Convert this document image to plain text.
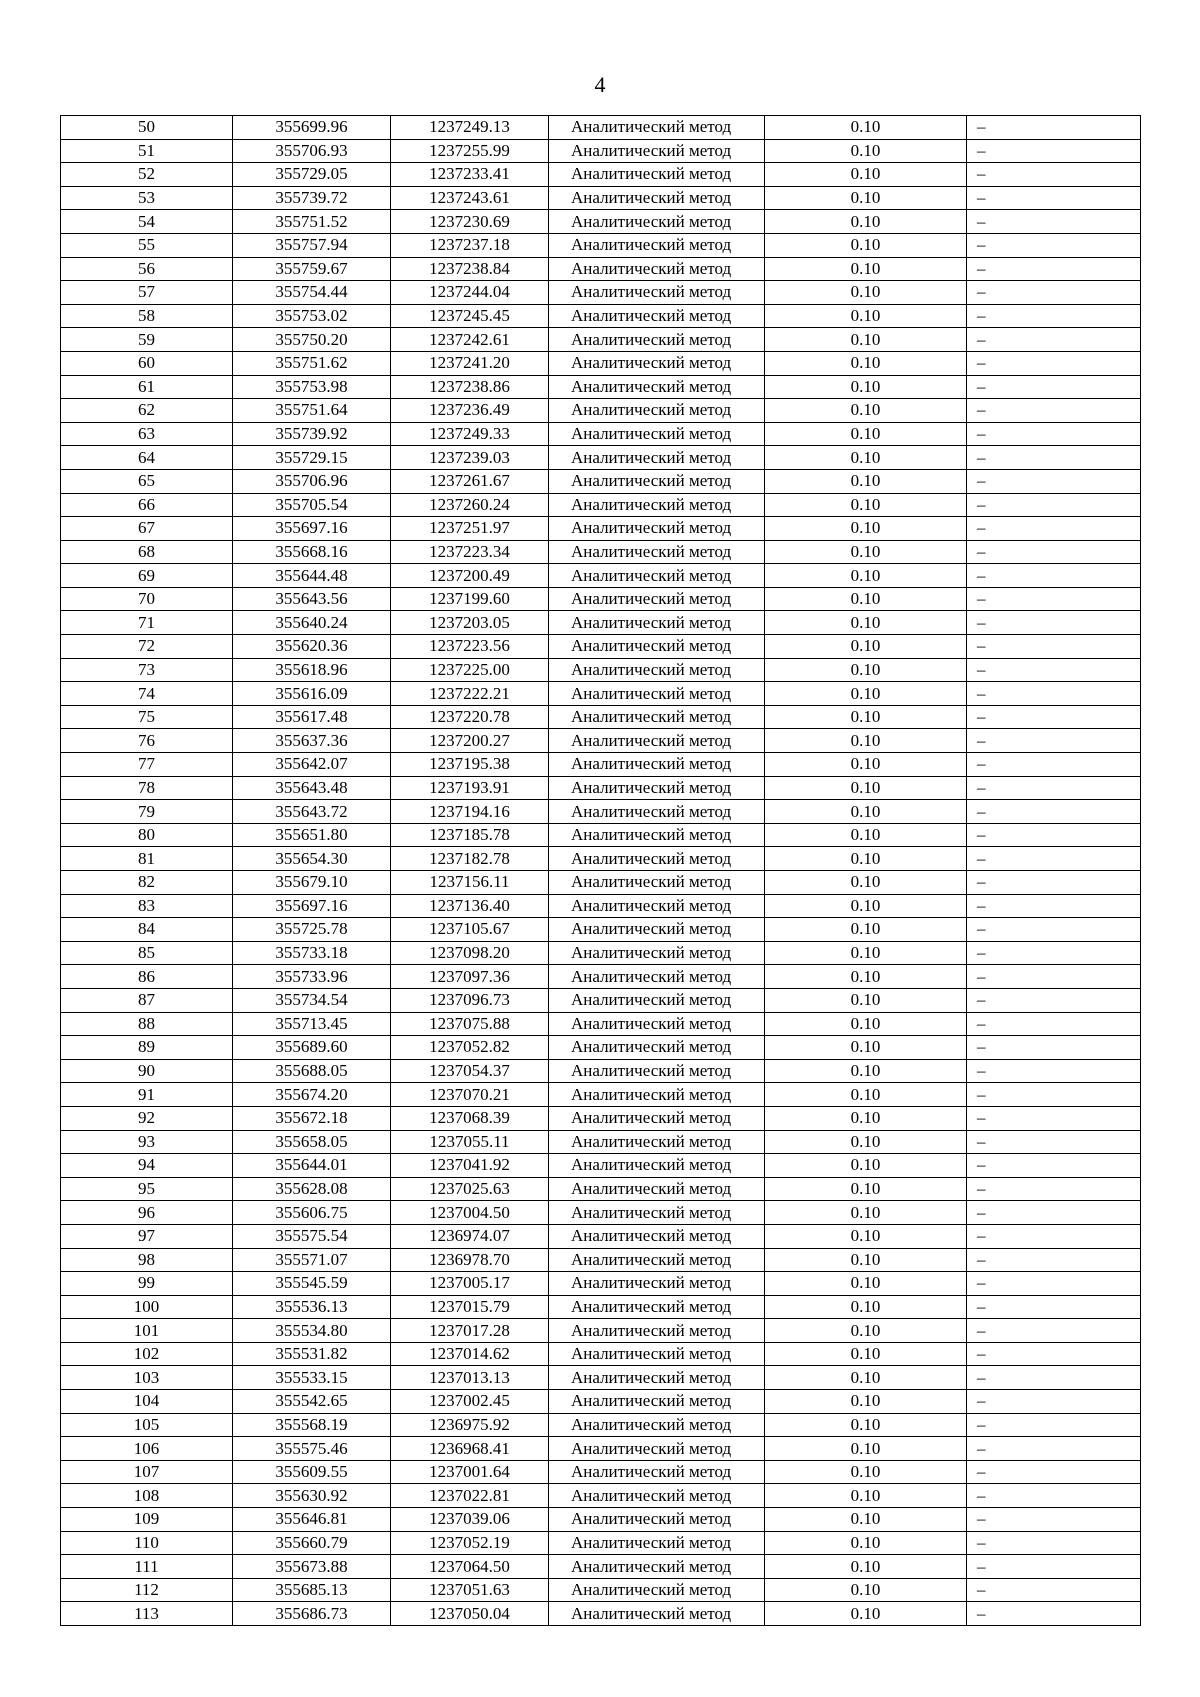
4
50	355699.96	1237249.13	Аналитический метод	0.10	–
51	355706.93	1237255.99	Аналитический метод	0.10	–
52	355729.05	1237233.41	Аналитический метод	0.10	–
53	355739.72	1237243.61	Аналитический метод	0.10	–
54	355751.52	1237230.69	Аналитический метод	0.10	–
55	355757.94	1237237.18	Аналитический метод	0.10	–
56	355759.67	1237238.84	Аналитический метод	0.10	–
57	355754.44	1237244.04	Аналитический метод	0.10	–
58	355753.02	1237245.45	Аналитический метод	0.10	–
59	355750.20	1237242.61	Аналитический метод	0.10	–
60	355751.62	1237241.20	Аналитический метод	0.10	–
61	355753.98	1237238.86	Аналитический метод	0.10	–
62	355751.64	1237236.49	Аналитический метод	0.10	–
63	355739.92	1237249.33	Аналитический метод	0.10	–
64	355729.15	1237239.03	Аналитический метод	0.10	–
65	355706.96	1237261.67	Аналитический метод	0.10	–
66	355705.54	1237260.24	Аналитический метод	0.10	–
67	355697.16	1237251.97	Аналитический метод	0.10	–
68	355668.16	1237223.34	Аналитический метод	0.10	–
69	355644.48	1237200.49	Аналитический метод	0.10	–
70	355643.56	1237199.60	Аналитический метод	0.10	–
71	355640.24	1237203.05	Аналитический метод	0.10	–
72	355620.36	1237223.56	Аналитический метод	0.10	–
73	355618.96	1237225.00	Аналитический метод	0.10	–
74	355616.09	1237222.21	Аналитический метод	0.10	–
75	355617.48	1237220.78	Аналитический метод	0.10	–
76	355637.36	1237200.27	Аналитический метод	0.10	–
77	355642.07	1237195.38	Аналитический метод	0.10	–
78	355643.48	1237193.91	Аналитический метод	0.10	–
79	355643.72	1237194.16	Аналитический метод	0.10	–
80	355651.80	1237185.78	Аналитический метод	0.10	–
81	355654.30	1237182.78	Аналитический метод	0.10	–
82	355679.10	1237156.11	Аналитический метод	0.10	–
83	355697.16	1237136.40	Аналитический метод	0.10	–
84	355725.78	1237105.67	Аналитический метод	0.10	–
85	355733.18	1237098.20	Аналитический метод	0.10	–
86	355733.96	1237097.36	Аналитический метод	0.10	–
87	355734.54	1237096.73	Аналитический метод	0.10	–
88	355713.45	1237075.88	Аналитический метод	0.10	–
89	355689.60	1237052.82	Аналитический метод	0.10	–
90	355688.05	1237054.37	Аналитический метод	0.10	–
91	355674.20	1237070.21	Аналитический метод	0.10	–
92	355672.18	1237068.39	Аналитический метод	0.10	–
93	355658.05	1237055.11	Аналитический метод	0.10	–
94	355644.01	1237041.92	Аналитический метод	0.10	–
95	355628.08	1237025.63	Аналитический метод	0.10	–
96	355606.75	1237004.50	Аналитический метод	0.10	–
97	355575.54	1236974.07	Аналитический метод	0.10	–
98	355571.07	1236978.70	Аналитический метод	0.10	–
99	355545.59	1237005.17	Аналитический метод	0.10	–
100	355536.13	1237015.79	Аналитический метод	0.10	–
101	355534.80	1237017.28	Аналитический метод	0.10	–
102	355531.82	1237014.62	Аналитический метод	0.10	–
103	355533.15	1237013.13	Аналитический метод	0.10	–
104	355542.65	1237002.45	Аналитический метод	0.10	–
105	355568.19	1236975.92	Аналитический метод	0.10	–
106	355575.46	1236968.41	Аналитический метод	0.10	–
107	355609.55	1237001.64	Аналитический метод	0.10	–
108	355630.92	1237022.81	Аналитический метод	0.10	–
109	355646.81	1237039.06	Аналитический метод	0.10	–
110	355660.79	1237052.19	Аналитический метод	0.10	–
111	355673.88	1237064.50	Аналитический метод	0.10	–
112	355685.13	1237051.63	Аналитический метод	0.10	–
113	355686.73	1237050.04	Аналитический метод	0.10	–
